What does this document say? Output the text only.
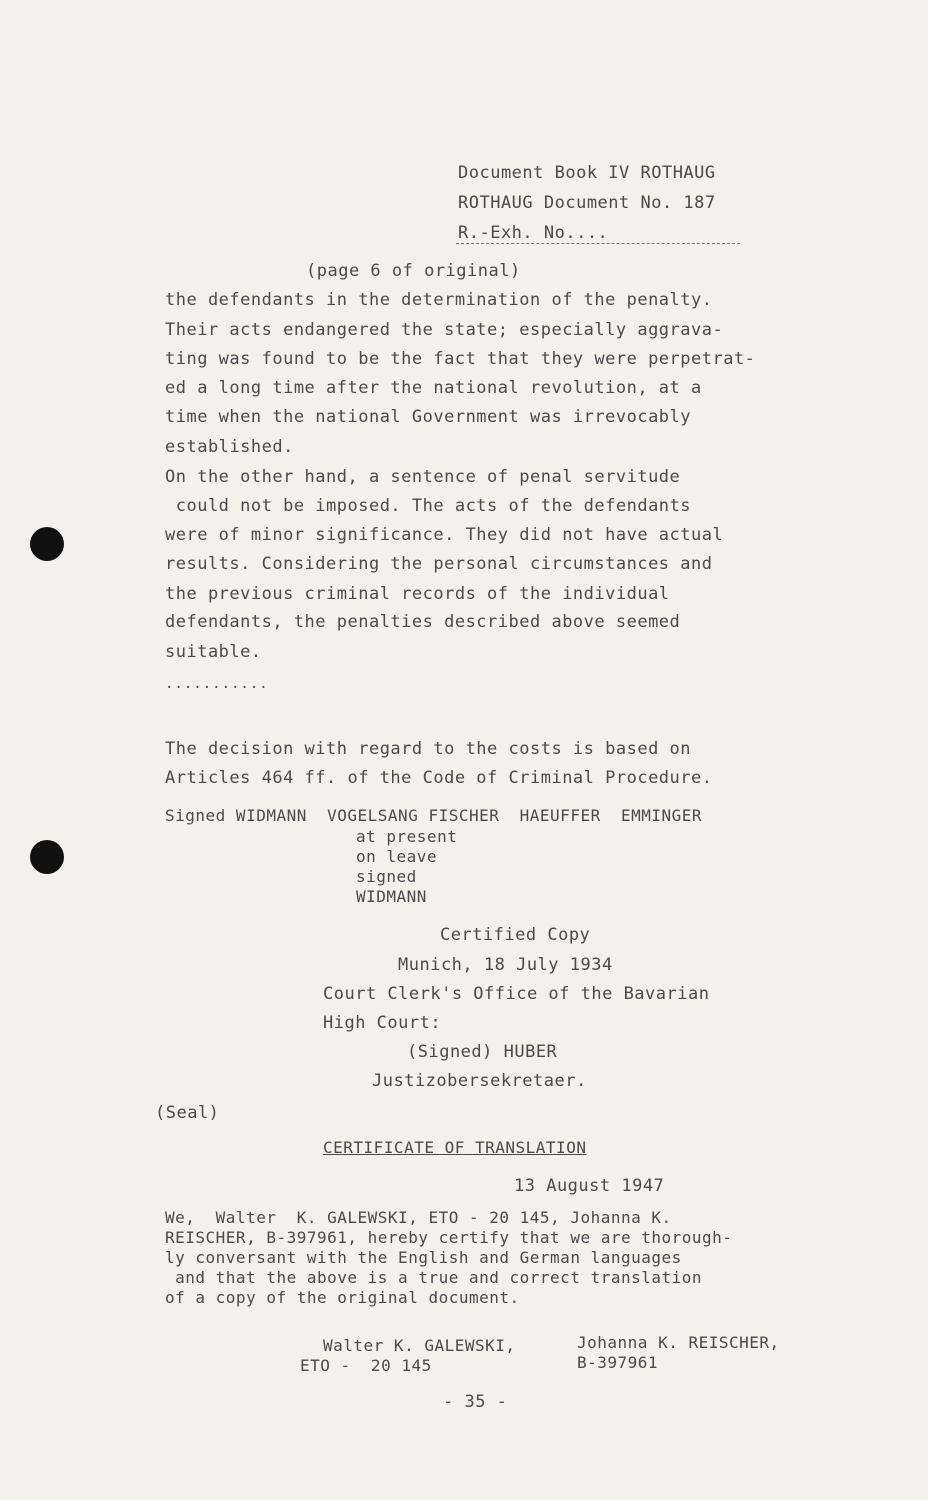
Document Book IV ROTHAUG
ROTHAUG Document No. 187
R.-Exh. No....
(page 6 of original)
the defendants in the determination of the penalty.
Their acts endangered the state; especially aggrava-
ting was found to be the fact that they were perpetrat-
ed a long time after the national revolution, at a
time when the national Government was irrevocably
established.
On the other hand, a sentence of penal servitude
could not be imposed. The acts of the defendants
were of minor significance. They did not have actual
results. Considering the personal circumstances and
the previous criminal records of the individual
defendants, the penalties described above seemed
suitable.
...........
The decision with regard to the costs is based on
Articles 464 ff. of the Code of Criminal Procedure.
Signed WIDMANN  VOGELSANG FISCHER  HAEUFFER  EMMINGER
at present
on leave
signed
WIDMANN
Certified Copy
Munich, 18 July 1934
Court Clerk's Office of the Bavarian
High Court:
(Signed) HUBER
Justizobersekretaer.
(Seal)
CERTIFICATE OF TRANSLATION
13 August 1947
We,  Walter  K. GALEWSKI, ETO - 20 145, Johanna K.
REISCHER, B-397961, hereby certify that we are thorough-
ly conversant with the English and German languages
and that the above is a true and correct translation
of a copy of the original document.
Walter K. GALEWSKI,
ETO -  20 145
Johanna K. REISCHER,
B-397961
- 35 -
